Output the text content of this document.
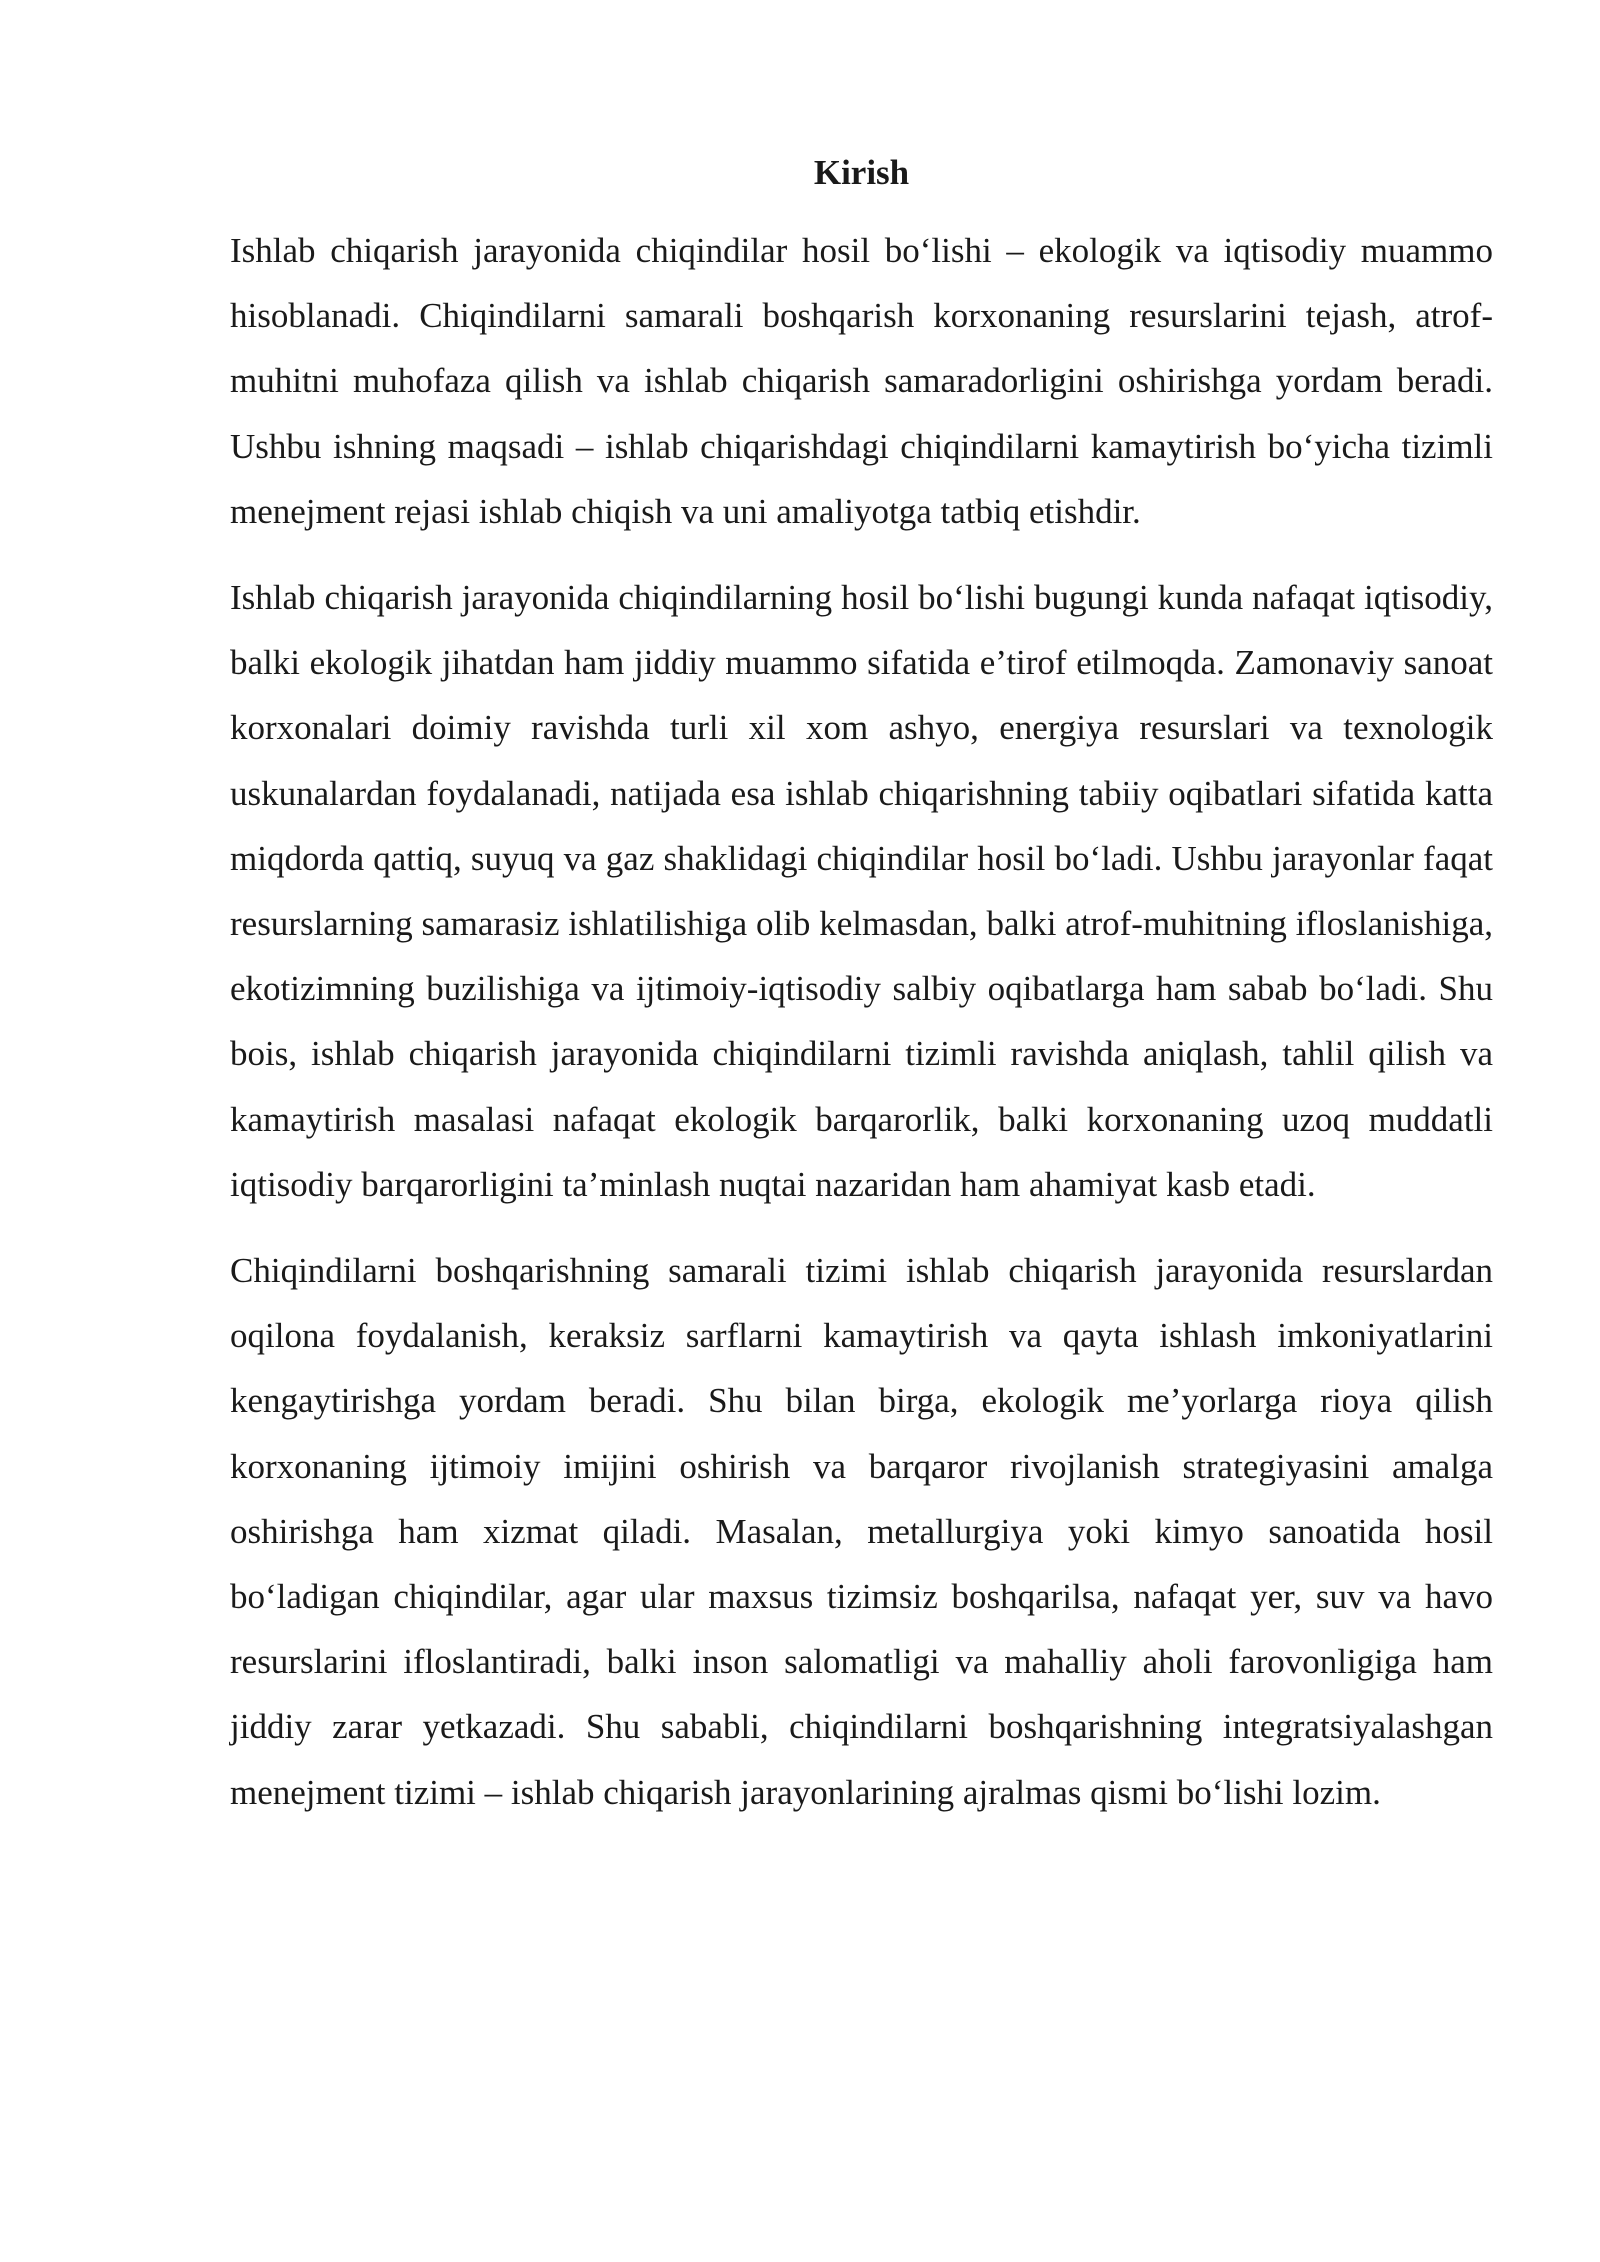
Kirish

Ishlab chiqarish jarayonida chiqindilar hosil boʻlishi – ekologik va iqtisodiy muammo hisoblanadi. Chiqindilarni samarali boshqarish korxonaning resurslarini tejash, atrof-muhitni muhofaza qilish va ishlab chiqarish samaradorligini oshirishga yordam beradi. Ushbu ishning maqsadi – ishlab chiqarishdagi chiqindilarni kamaytirish boʻyicha tizimli menejment rejasi ishlab chiqish va uni amaliyotga tatbiq etishdir.

Ishlab chiqarish jarayonida chiqindilarning hosil boʻlishi bugungi kunda nafaqat iqtisodiy, balki ekologik jihatdan ham jiddiy muammo sifatida e’tirof etilmoqda. Zamonaviy sanoat korxonalari doimiy ravishda turli xil xom ashyo, energiya resurslari va texnologik uskunalardan foydalanadi, natijada esa ishlab chiqarishning tabiiy oqibatlari sifatida katta miqdorda qattiq, suyuq va gaz shaklidagi chiqindilar hosil boʻladi. Ushbu jarayonlar faqat resurslarning samarasiz ishlatilishiga olib kelmasdan, balki atrof-muhitning ifloslanishiga, ekotizimning buzilishiga va ijtimoiy-iqtisodiy salbiy oqibatlarga ham sabab boʻladi. Shu bois, ishlab chiqarish jarayonida chiqindilarni tizimli ravishda aniqlash, tahlil qilish va kamaytirish masalasi nafaqat ekologik barqarorlik, balki korxonaning uzoq muddatli iqtisodiy barqarorligini ta’minlash nuqtai nazaridan ham ahamiyat kasb etadi.

Chiqindilarni boshqarishning samarali tizimi ishlab chiqarish jarayonida resurslardan oqilona foydalanish, keraksiz sarflarni kamaytirish va qayta ishlash imkoniyatlarini kengaytirishga yordam beradi. Shu bilan birga, ekologik me’yorlarga rioya qilish korxonaning ijtimoiy imijini oshirish va barqaror rivojlanish strategiyasini amalga oshirishga ham xizmat qiladi. Masalan, metallurgiya yoki kimyo sanoatida hosil boʻladigan chiqindilar, agar ular maxsus tizimsiz boshqarilsa, nafaqat yer, suv va havo resurslarini ifloslantiradi, balki inson salomatligi va mahalliy aholi farovonligiga ham jiddiy zarar yetkazadi. Shu sababli, chiqindilarni boshqarishning integratsiyalashgan menejment tizimi – ishlab chiqarish jarayonlarining ajralmas qismi boʻlishi lozim.
